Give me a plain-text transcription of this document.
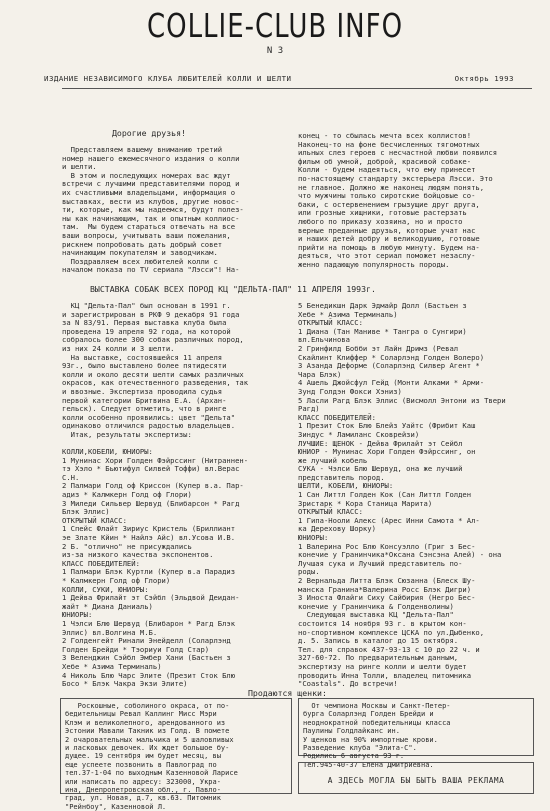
COLLIE-CLUB INFO
N 3
ИЗДАНИЕ НЕЗАВИСИМОГО КЛУБА ЛЮБИТЕЛЕЙ КОЛЛИ И ШЕЛТИ	Октябрь 1993
Дорогие друзья!
Представляем вашему вниманию третий
номер нашего ежемесячного издания о колли
и шелти.
В этом и последующих номерах вас ждут
встречи с лучшими представителями пород и
их счастливыми владельцами, информация о
выставках, вести из клубов, другие новос-
ти, которые, как мы надеемся, будут полез-
ны как начинающим, так и опытным коллиос-
там.  Мы будем стараться отвечать на все
ваши вопросы, учитывать ваши пожелания,
рискнем попробовать дать добрый совет
начинающим покупателям и заводчикам.
Поздравляем всех любителей колли с
началом показа по TV сериала "Лэсси"! На-
конец - то сбылась мечта всех коллистов!
Наконец-то на фоне бесчисленных тягомотных
ильных слез героев с несчастной любви появился
фильм об умной, доброй, красивой собаке-
Колли - будем надеяться, что ему принесет
по-настоящему стандарту экстерьера Лэсси. Это
не главное. Должно же наконец людям понять,
что мужчины только сиротские бойцовые со-
баки, с остервенением грызущие друг друга,
или грозные хищники, готовые растерзать
любого по приказу хозяина, но и просто
верные преданные друзья, которые учат нас
и наших детей добру и великодушию, готовые
прийти на помощь в любую минуту. Будем на-
деяться, что этот сериал поможет незаслу-
женно падающую популярность породы.
ВЫСТАВКА СОБАК ВСЕХ ПОРОД КЦ "ДЕЛЬТА-ПАЛ" 11 АПРЕЛЯ 1993г.
КЦ "Дельта-Пал" был основан в 1991 г.
и зарегистрирован в РКФ 9 декабря 91 года
за N 83/91. Первая выставка клуба была
проведена 19 апреля 92 года, на которой
собралось более 300 собак различных пород,
из них 24 колли и 3 шелти.
На выставке, состоявшейся 11 апреля
93г., было выставлено более пятидесяти
колли и около десяти шелти самых различных
окрасов, как отечественного разведения, так
и ввозные. Экспертиза проводила судья
первой категории Бритвина Е.А. (Архан-
гельск). Следует отметить, что в ринге
колли особенно проявились: цвет "Дельта"
одинаково отличился радостью владельцев.
Итак, результаты экспертизы:

КОЛЛИ,КОБЕЛИ, ЮНИОРЫ:
1 Мунинас Хори Голден Фэйрссинг (Нитраннен-
тэ Хэло * Бьютифул Силвей Тоффи) вл.Верас
С.Н.
2 Палмари Голд оф Криссон (Купер в.а. Пар-
адиз * Калмкерн Голд оф Глори)
3 Миледи Сильвер Шервуд (Блибарсон * Рагд
Блэк Эллис)
ОТКРЫТЫЙ КЛАСС:
1 Спейс Флайт Зириус Кристель (Бриллиант
эе Злате Кйин * Найлэ Айс) вл.Усова И.В.
2 Б. "отлично" не присуждались
из-за низкого качества экспонентов.
КЛАСС ПОБЕДИТЕЛЕЙ:
1 Палмари Блэк Куртли (Купер в.а Парадиз
* Калмкерн Голд оф Глори)
КОЛЛИ, СУКИ, ЮНИОРЫ:
1 Дейва Фрилайт эт Сэйбл (Эльдвой Деидан-
жайт * Диана Даниаль)
ЮНИОРЫ:
1 Чэлси Блю Шервуд (Блибарон * Рагд Блэк
Эллис) вл.Волгина М.Б.
2 Голденгейт Ринали Энейделл (Соларлэнд
Голден Брейди * Тэориуи Голд Стар)
3 Веленджин Сэйбл Эмбер Хани (Бастьен з
Хебе * Азима Терминаль)
4 Николь Блю Чарс Элите (Презит Сток Блю
Босо * Блэк Чакра Экзи Элите)
5 Бенедикшн Дарк Эдмайр Долл (Бастьен з
Хебе * Азима Терминаль)
ОТКРЫТЫЙ КЛАСС:
1 Диана (Тан Маниве * Тангра о Сунгири)
вл.Ельчинова
2 Гринфилд Бобби эт Лайн Дримз (Ревал
Скайлинт Клиффер * Соларлэнд Голден Волеро)
3 Азанда Деформе (Соларлэнд Силвер Агент *
Чара Блэк)
4 Ашель Джойсфул Гейд (Монти Алками * Арми-
Зунд Голдэн Фокси Хэниз)
5 Ласли Рагд Блэк Эллис (Висмолл Энтони из Твери
Рагд)
КЛАСС ПОБЕДИТЕЛЕЙ:
1 Презит Сток Блю Блейз Уайтс (Фрибит Каш
Зиндус * Ламиланс Сковрейзи)
ЛУЧШИЕ: ЩЕНОК - Дейва Фрилайт эт Сейбл
ЮНИОР - Мунинас Хори Голден Фэйрссинг, он
же лучший кобель
СУКА - Чэлси Блю Шервуд, она же лучший
представитель пород.
ШЕЛТИ, КОБЕЛИ, ЮНИОРЫ:
1 Сан Литтл Голден Кок (Сан Литтл Голден
Зристарк * Кора Станица Марита)
ОТКРЫТЫЙ КЛАСС:
1 Гипа-Нооли Алекс (Арес Инни Самота * Ал-
ка Дерехову Шорку)
ЮНИОРЫ:
1 Валерина Рос Блю Консуэлло (Григ з Бес-
конечие у Гранинчика*Оксана Сэнсэна Алей) - она
Лучшая сука и Лучший представитель по-
роды.
2 Вернальда Литта Блэк Сюзанна (Блеск Шу-
манска Гранина*Валерина Росс Блэк Дигри)
3 Иноста Флайги Сиху Сайбирия (Негро Бес-
конечие у Гранинчика & Голденволины)
Следующая выставка КЦ "Дельта-Пал"
состоится 14 ноября 93 г. в крытом кон-
но-спортивном комплексе ЦСКА по ул.Дыбенко,
д. 5. Запись в каталог до 15 октября.
Тел. для справок 437-93-13 с 10 до 22 ч. и
327-60-72. По предварительным данным,
экспертизу на ринге колли и шелти будет
проводить Инна Толли, владелец питомника
"Coastals". До встречи!
Продаются щенки:
Роскошные, соболиного окраса, от по-
бедительницы Ревал Каллинг Мисс Мэри
Клэм и великолепного, арендованного из
Эстонии Мавали Такник из Голд. В помете
2 очаровательных мальчика и 5 шаловливых
и ласковых девочек. Их ждет большое бу-
дущее. 19 сентября им будет месяц, вы
еще успеете позвонить в Павлоград по
тел.37-1-04 по выходным Казенновой Ларисе
или написать по адресу: 323000, Укра-
ина, Днепропетровская обл., г. Павло-
град, ул. Новая, д.7, кв.63. Питомник
"Рейнбоу", Казенновой Л.
От чемпиона Москвы и Санкт-Петер-
бурга Соларлэнд Голден Брейди и
неоднократной победительницы класса
Паулины Голдлайканс ин.
У щенков на 90% импортные крови.
Разведение клуба "Элита-С".
Родились 6 августа 93 г.
Тел.945-40-37 Елена Дмитриевна.
А ЗДЕСЬ МОГЛА БЫ БЫТЬ ВАША РЕКЛАМА
